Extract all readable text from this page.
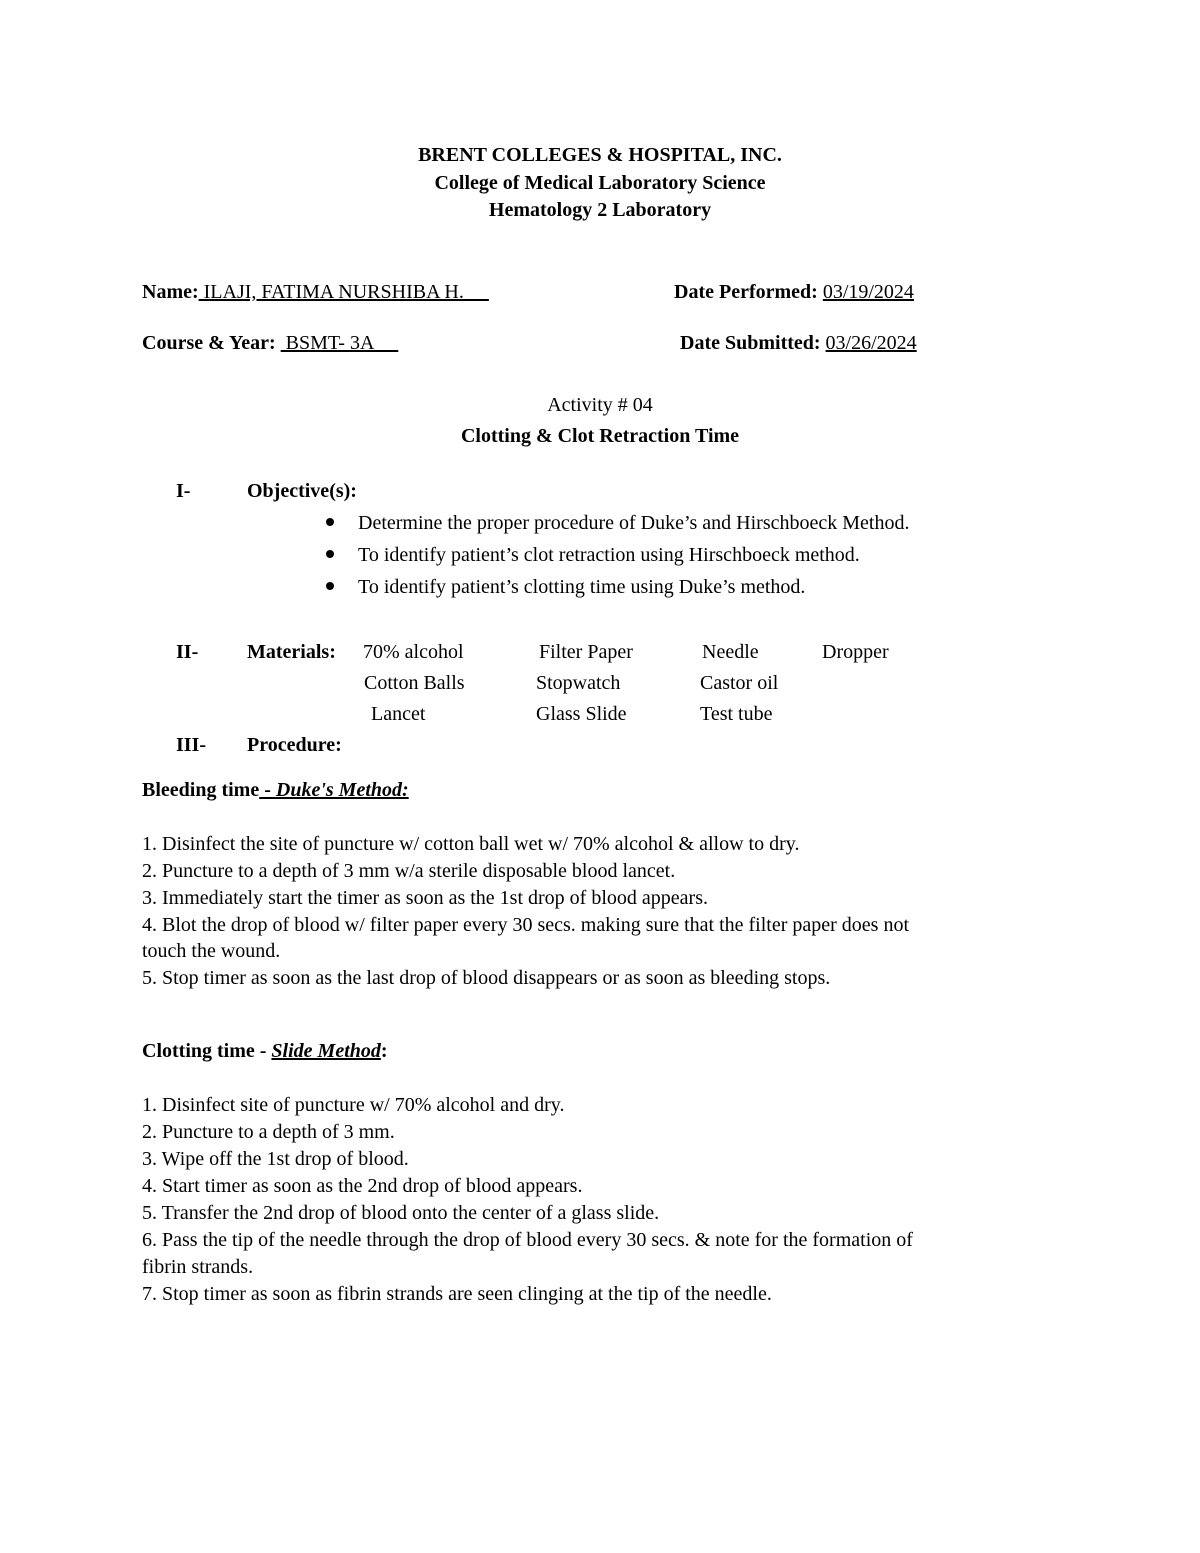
BRENT COLLEGES & HOSPITAL, INC.
College of Medical Laboratory Science
Hematology 2 Laboratory
Name: ILAJI, FATIMA NURSHIBA H.	Date Performed: 03/19/2024
Course & Year:  BSMT- 3A	Date Submitted: 03/26/2024
Activity # 04
Clotting & Clot Retraction Time
I-	Objective(s):
Determine the proper procedure of Duke’s and Hirschboeck Method.
To identify patient’s clot retraction using Hirschboeck method.
To identify patient’s clotting time using Duke’s method.
II- Materials: 70% alcohol	Filter Paper	Needle	Dropper
Cotton Balls	Stopwatch	Castor oil
Lancet	Glass Slide	Test tube
III- Procedure:
Bleeding time - Duke's Method:
1. Disinfect the site of puncture w/ cotton ball wet w/ 70% alcohol & allow to dry.
2. Puncture to a depth of 3 mm w/a sterile disposable blood lancet.
3. Immediately start the timer as soon as the 1st drop of blood appears.
4. Blot the drop of blood w/ filter paper every 30 secs. making sure that the filter paper does not
touch the wound.
5. Stop timer as soon as the last drop of blood disappears or as soon as bleeding stops.
Clotting time - Slide Method:
1. Disinfect site of puncture w/ 70% alcohol and dry.
2. Puncture to a depth of 3 mm.
3. Wipe off the 1st drop of blood.
4. Start timer as soon as the 2nd drop of blood appears.
5. Transfer the 2nd drop of blood onto the center of a glass slide.
6. Pass the tip of the needle through the drop of blood every 30 secs. & note for the formation of
fibrin strands.
7. Stop timer as soon as fibrin strands are seen clinging at the tip of the needle.
